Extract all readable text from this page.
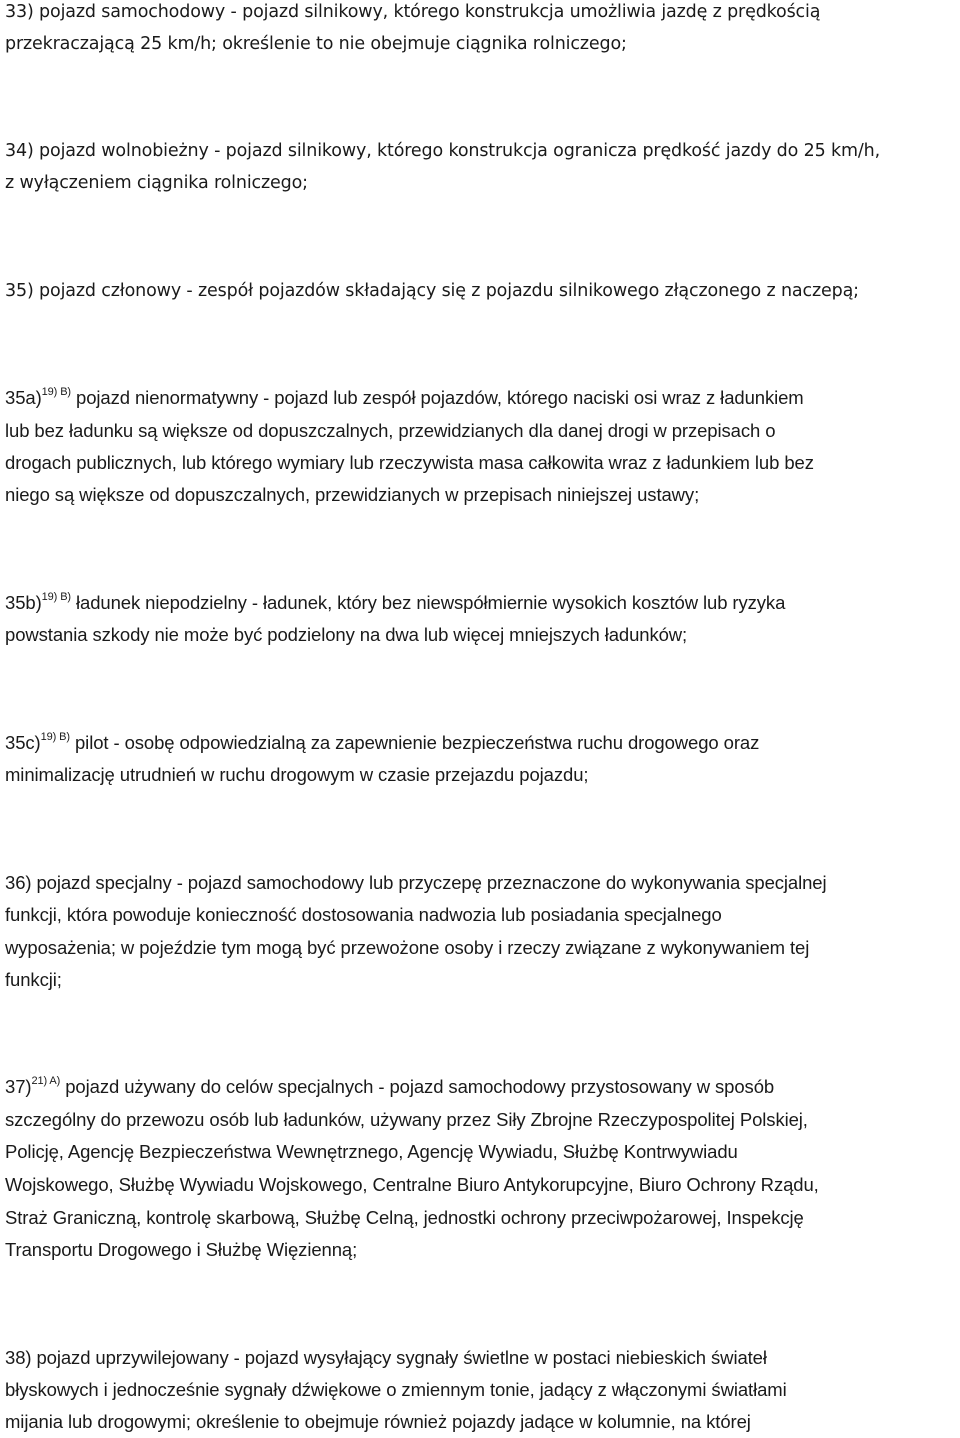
33) pojazd samochodowy - pojazd silnikowy, którego konstrukcja umożliwia jazdę z prędkością
przekraczającą 25 km/h; określenie to nie obejmuje ciągnika rolniczego;
34) pojazd wolnobieżny - pojazd silnikowy, którego konstrukcja ogranicza prędkość jazdy do 25 km/h,
z wyłączeniem ciągnika rolniczego;
35) pojazd członowy - zespół pojazdów składający się z pojazdu silnikowego złączonego z naczepą;
35a)$^{19) B)}$ pojazd nienormatywny - pojazd lub zespół pojazdów, którego naciski osi wraz z ładunkiem
lub bez ładunku są większe od dopuszczalnych, przewidzianych dla danej drogi w przepisach o
drogach publicznych, lub którego wymiary lub rzeczywista masa całkowita wraz z ładunkiem lub bez
niego są większe od dopuszczalnych, przewidzianych w przepisach niniejszej ustawy;
35b)$^{19) B)}$ ładunek niepodzielny - ładunek, który bez niewspółmiernie wysokich kosztów lub ryzyka
powstania szkody nie może być podzielony na dwa lub więcej mniejszych ładunków;
35c)$^{19) B)}$ pilot - osobę odpowiedzialną za zapewnienie bezpieczeństwa ruchu drogowego oraz
minimalizację utrudnień w ruchu drogowym w czasie przejazdu pojazdu;
36) pojazd specjalny - pojazd samochodowy lub przyczepę przeznaczone do wykonywania specjalnej
funkcji, która powoduje konieczność dostosowania nadwozia lub posiadania specjalnego
wyposażenia; w pojeździe tym mogą być przewożone osoby i rzeczy związane z wykonywaniem tej
funkcji;
37)$^{21) A)}$ pojazd używany do celów specjalnych - pojazd samochodowy przystosowany w sposób
szczególny do przewozu osób lub ładunków, używany przez Siły Zbrojne Rzeczypospolitej Polskiej,
Policję, Agencję Bezpieczeństwa Wewnętrznego, Agencję Wywiadu, Służbę Kontrwywiadu
Wojskowego, Służbę Wywiadu Wojskowego, Centralne Biuro Antykorupcyjne, Biuro Ochrony Rządu,
Straż Graniczną, kontrolę skarbową, Służbę Celną, jednostki ochrony przeciwpożarowej, Inspekcję
Transportu Drogowego i Służbę Więzienną;
38) pojazd uprzywilejowany - pojazd wysyłający sygnały świetlne w postaci niebieskich świateł
błyskowych i jednocześnie sygnały dźwiękowe o zmiennym tonie, jadący z włączonymi światłami
mijania lub drogowymi; określenie to obejmuje również pojazdy jadące w kolumnie, na której
